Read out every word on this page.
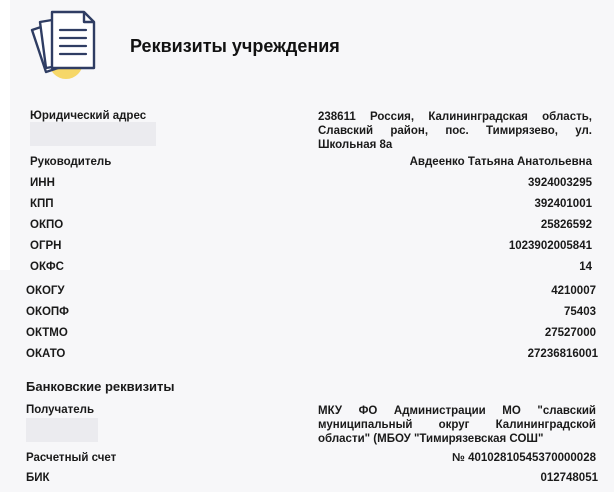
Реквизиты учреждения
Юридический адрес	238611 Россия, Калининградская область, Славский район, пос. Тимирязево, ул. Школьная 8а
Руководитель	Авдеенко Татьяна Анатольевна
ИНН	3924003295
КПП	392401001
ОКПО	25826592
ОГРН	1023902005841
ОКФС	14
ОКОГУ	4210007
ОКОПФ	75403
ОКТМО	27527000
ОКАТО	27236816001
Банковские реквизиты
Получатель	МКУ ФО Администрации МО "славский муниципальный округ Калининградской области" (МБОУ "Тимирязевская СОШ"
Расчетный счет	№ 40102810545370000028
БИК	012748051
